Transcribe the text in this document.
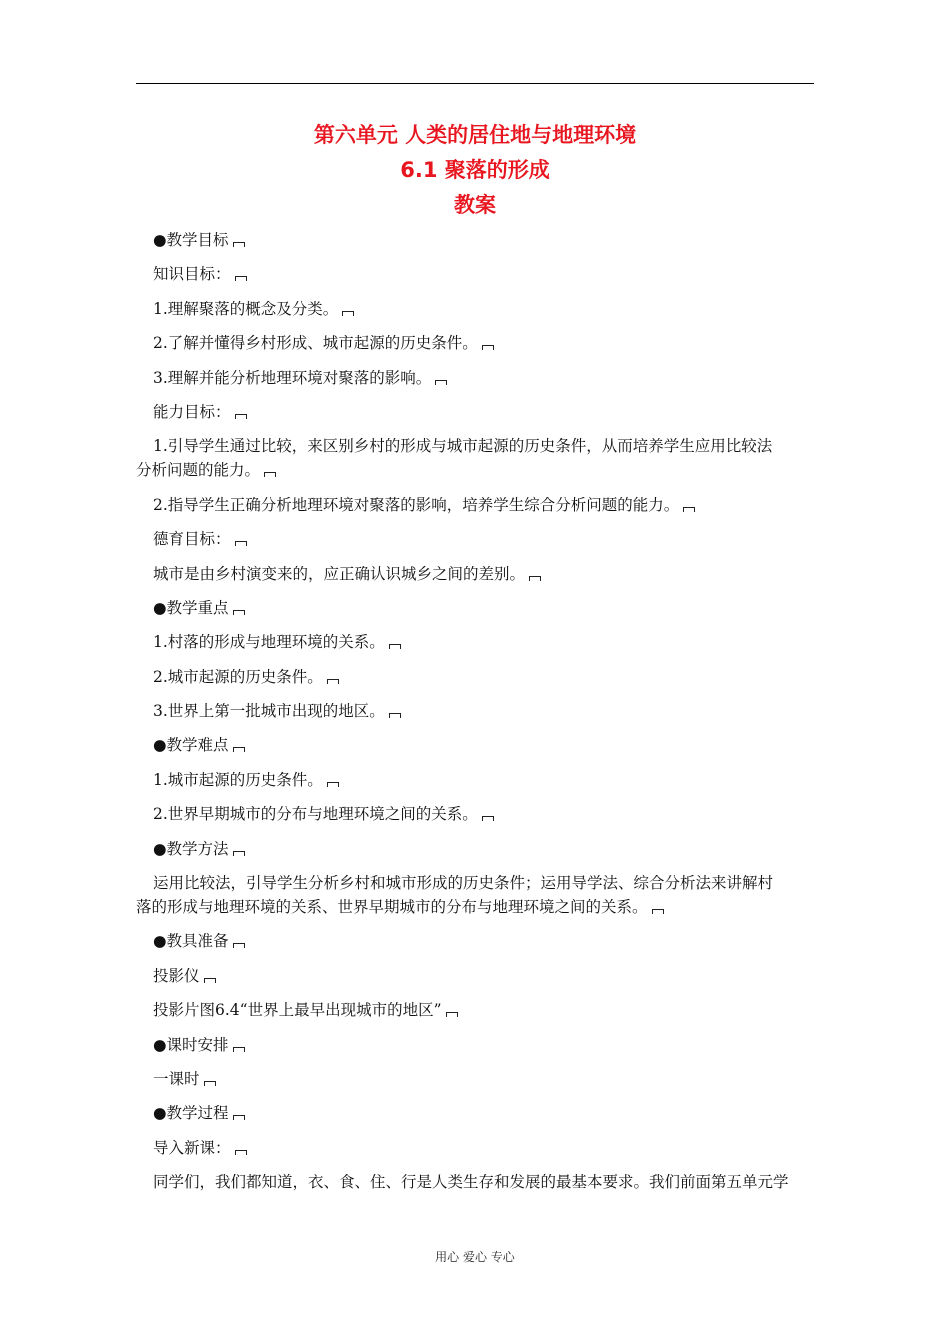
第六单元 人类的居住地与地理环境
6.1 聚落的形成
教案
●教学目标
知识目标：
1.理解聚落的概念及分类。
2.了解并懂得乡村形成、城市起源的历史条件。
3.理解并能分析地理环境对聚落的影响。
能力目标：
1.引导学生通过比较，来区别乡村的形成与城市起源的历史条件，从而培养学生应用比较法
分析问题的能力。
2.指导学生正确分析地理环境对聚落的影响，培养学生综合分析问题的能力。
德育目标：
城市是由乡村演变来的，应正确认识城乡之间的差别。
●教学重点
1.村落的形成与地理环境的关系。
2.城市起源的历史条件。
3.世界上第一批城市出现的地区。
●教学难点
1.城市起源的历史条件。
2.世界早期城市的分布与地理环境之间的关系。
●教学方法
运用比较法，引导学生分析乡村和城市形成的历史条件；运用导学法、综合分析法来讲解村
落的形成与地理环境的关系、世界早期城市的分布与地理环境之间的关系。
●教具准备
投影仪
投影片图6.4“世界上最早出现城市的地区”
●课时安排
一课时
●教学过程
导入新课：
同学们，我们都知道，衣、食、住、行是人类生存和发展的最基本要求。我们前面第五单元学
用心 爱心 专心
